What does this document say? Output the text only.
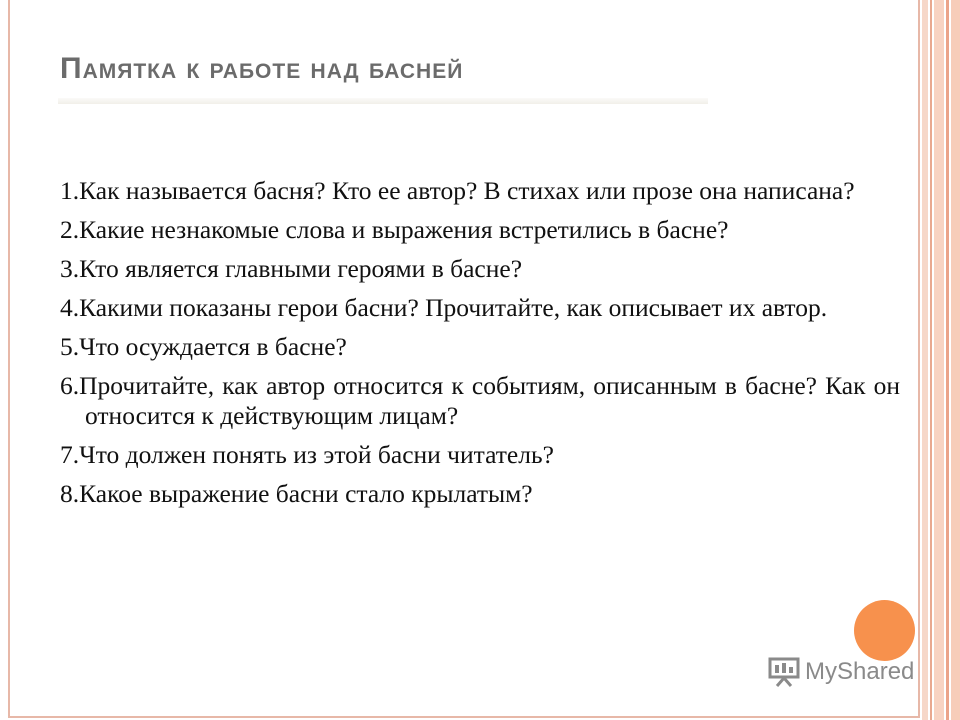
Памятка к работе над басней
1.Как называется басня? Кто ее автор? В стихах или прозе она написана?
2.Какие незнакомые слова и выражения встретились в басне?
3.Кто является главными героями в басне?
4.Какими показаны герои басни? Прочитайте, как описывает их автор.
5.Что осуждается в басне?
6.Прочитайте, как автор относится к событиям, описанным в басне? Как он относится к действующим лицам?
7.Что должен понять из этой басни читатель?
8.Какое выражение басни стало крылатым?
MyShared
